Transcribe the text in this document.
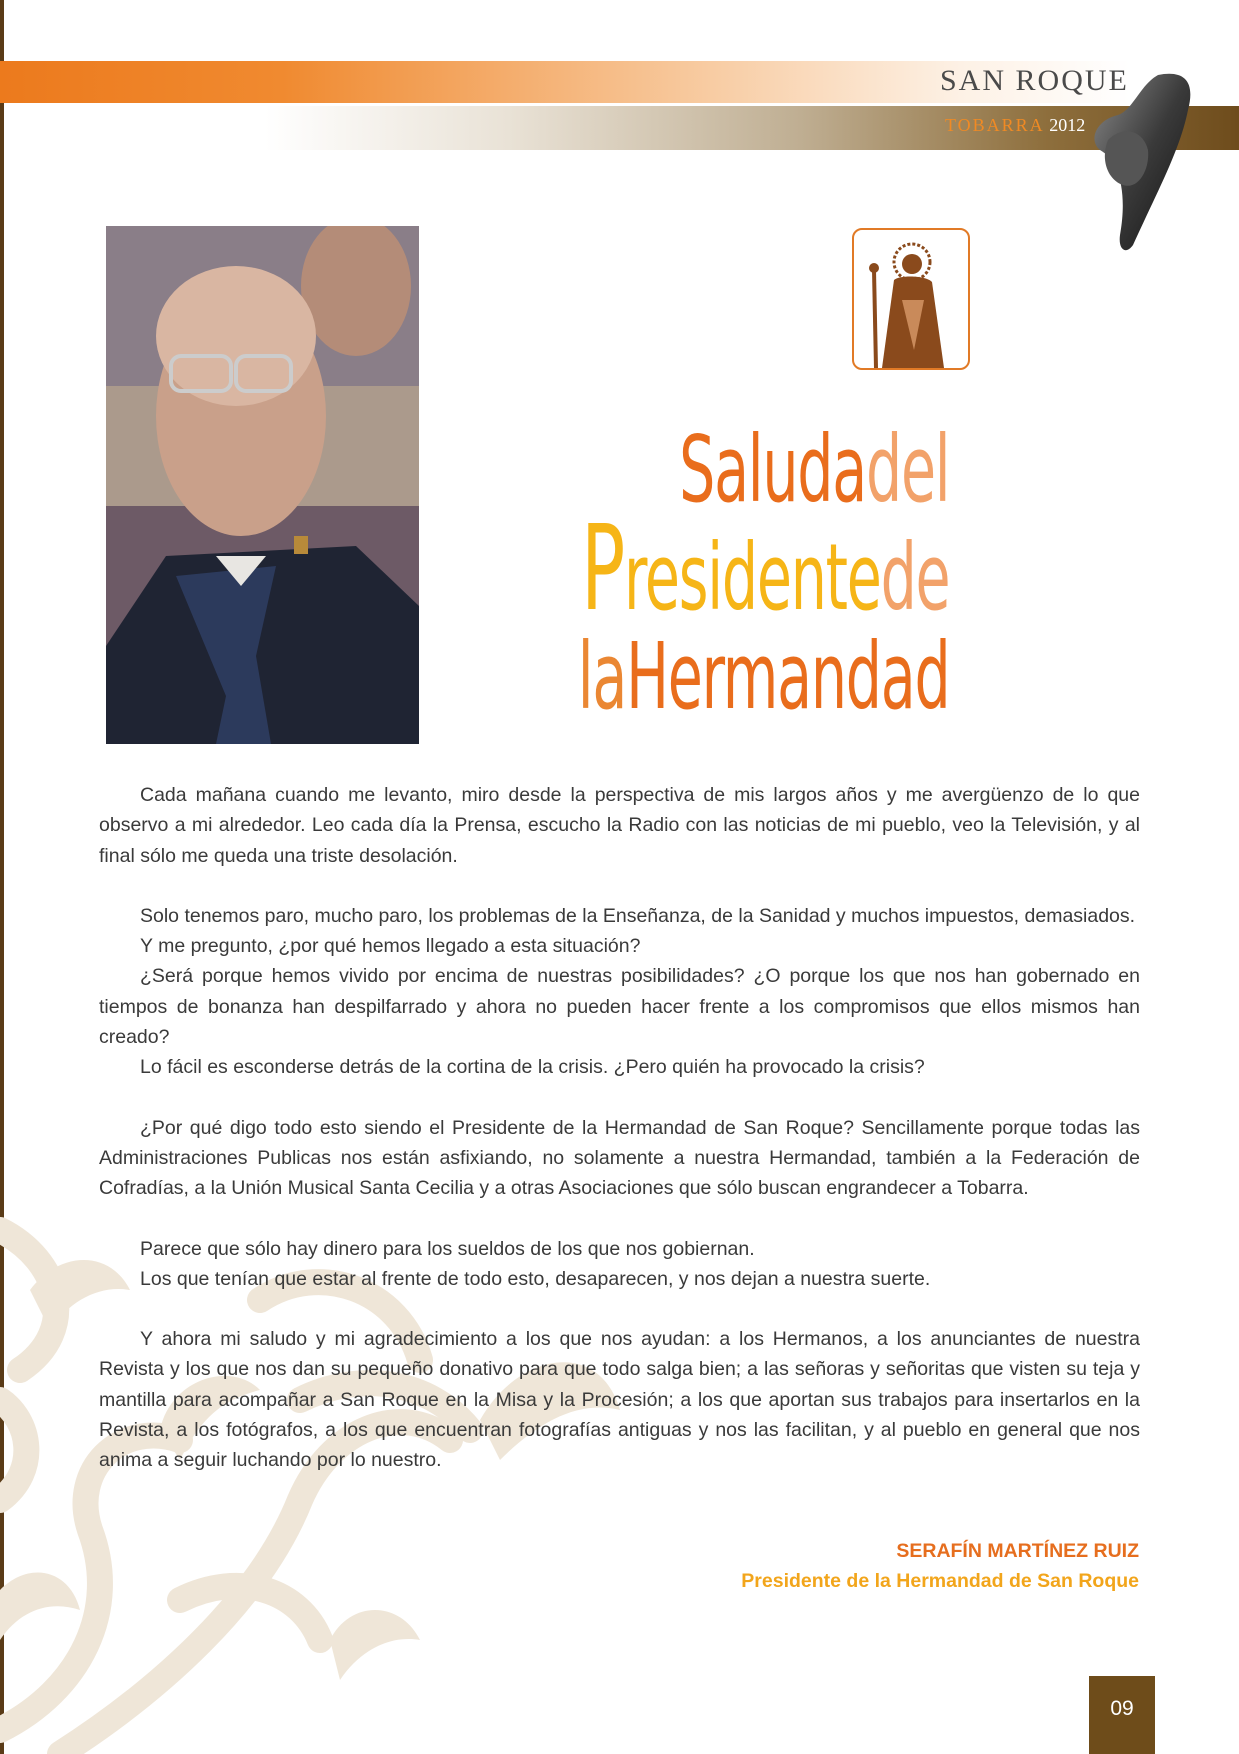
SAN ROQUE
TOBARRA 2012
Saludadel
Presidentede
laHermandad

Cada mañana cuando me levanto, miro desde la perspectiva de mis largos años y me avergüenzo de lo que observo a mi alrededor. Leo cada día la Prensa, escucho la Radio con las noticias de mi pueblo, veo la Televisión, y al final sólo me queda una triste desolación.

Solo tenemos paro, mucho paro, los problemas de la Enseñanza, de la Sanidad y muchos impuestos, demasiados.

Y me pregunto, ¿por qué hemos llegado a esta situación?

¿Será porque hemos vivido por encima de nuestras posibilidades? ¿O porque los que nos han gobernado en tiempos de bonanza han despilfarrado y ahora no pueden hacer frente a los compromisos que ellos mismos han creado?

Lo fácil es esconderse detrás de la cortina de la crisis. ¿Pero quién ha provocado la crisis?

¿Por qué digo todo esto siendo el Presidente de la Hermandad de San Roque? Sencillamente porque todas las Administraciones Publicas nos están asfixiando, no solamente a nuestra Hermandad, también a la Federación de Cofradías, a la Unión Musical Santa Cecilia y a otras Asociaciones que sólo buscan engrandecer a Tobarra.

Parece que sólo hay dinero para los sueldos de los que nos gobiernan.

Los que tenían que estar al frente de todo esto, desaparecen, y nos dejan a nuestra suerte.

Y ahora mi saludo y mi agradecimiento a los que nos ayudan: a los Hermanos, a los anunciantes de nuestra Revista y los que nos dan su pequeño donativo para que todo salga bien; a las señoras y señoritas que visten su teja y mantilla para acompañar a San Roque en la Misa y la Procesión; a los que aportan sus trabajos para insertarlos en la Revista, a los fotógrafos, a los que encuentran fotografías antiguas y nos las facilitan, y al pueblo en general que nos anima a seguir luchando por lo nuestro.

SERAFÍN MARTÍNEZ RUIZ
Presidente de la Hermandad de San Roque
09
